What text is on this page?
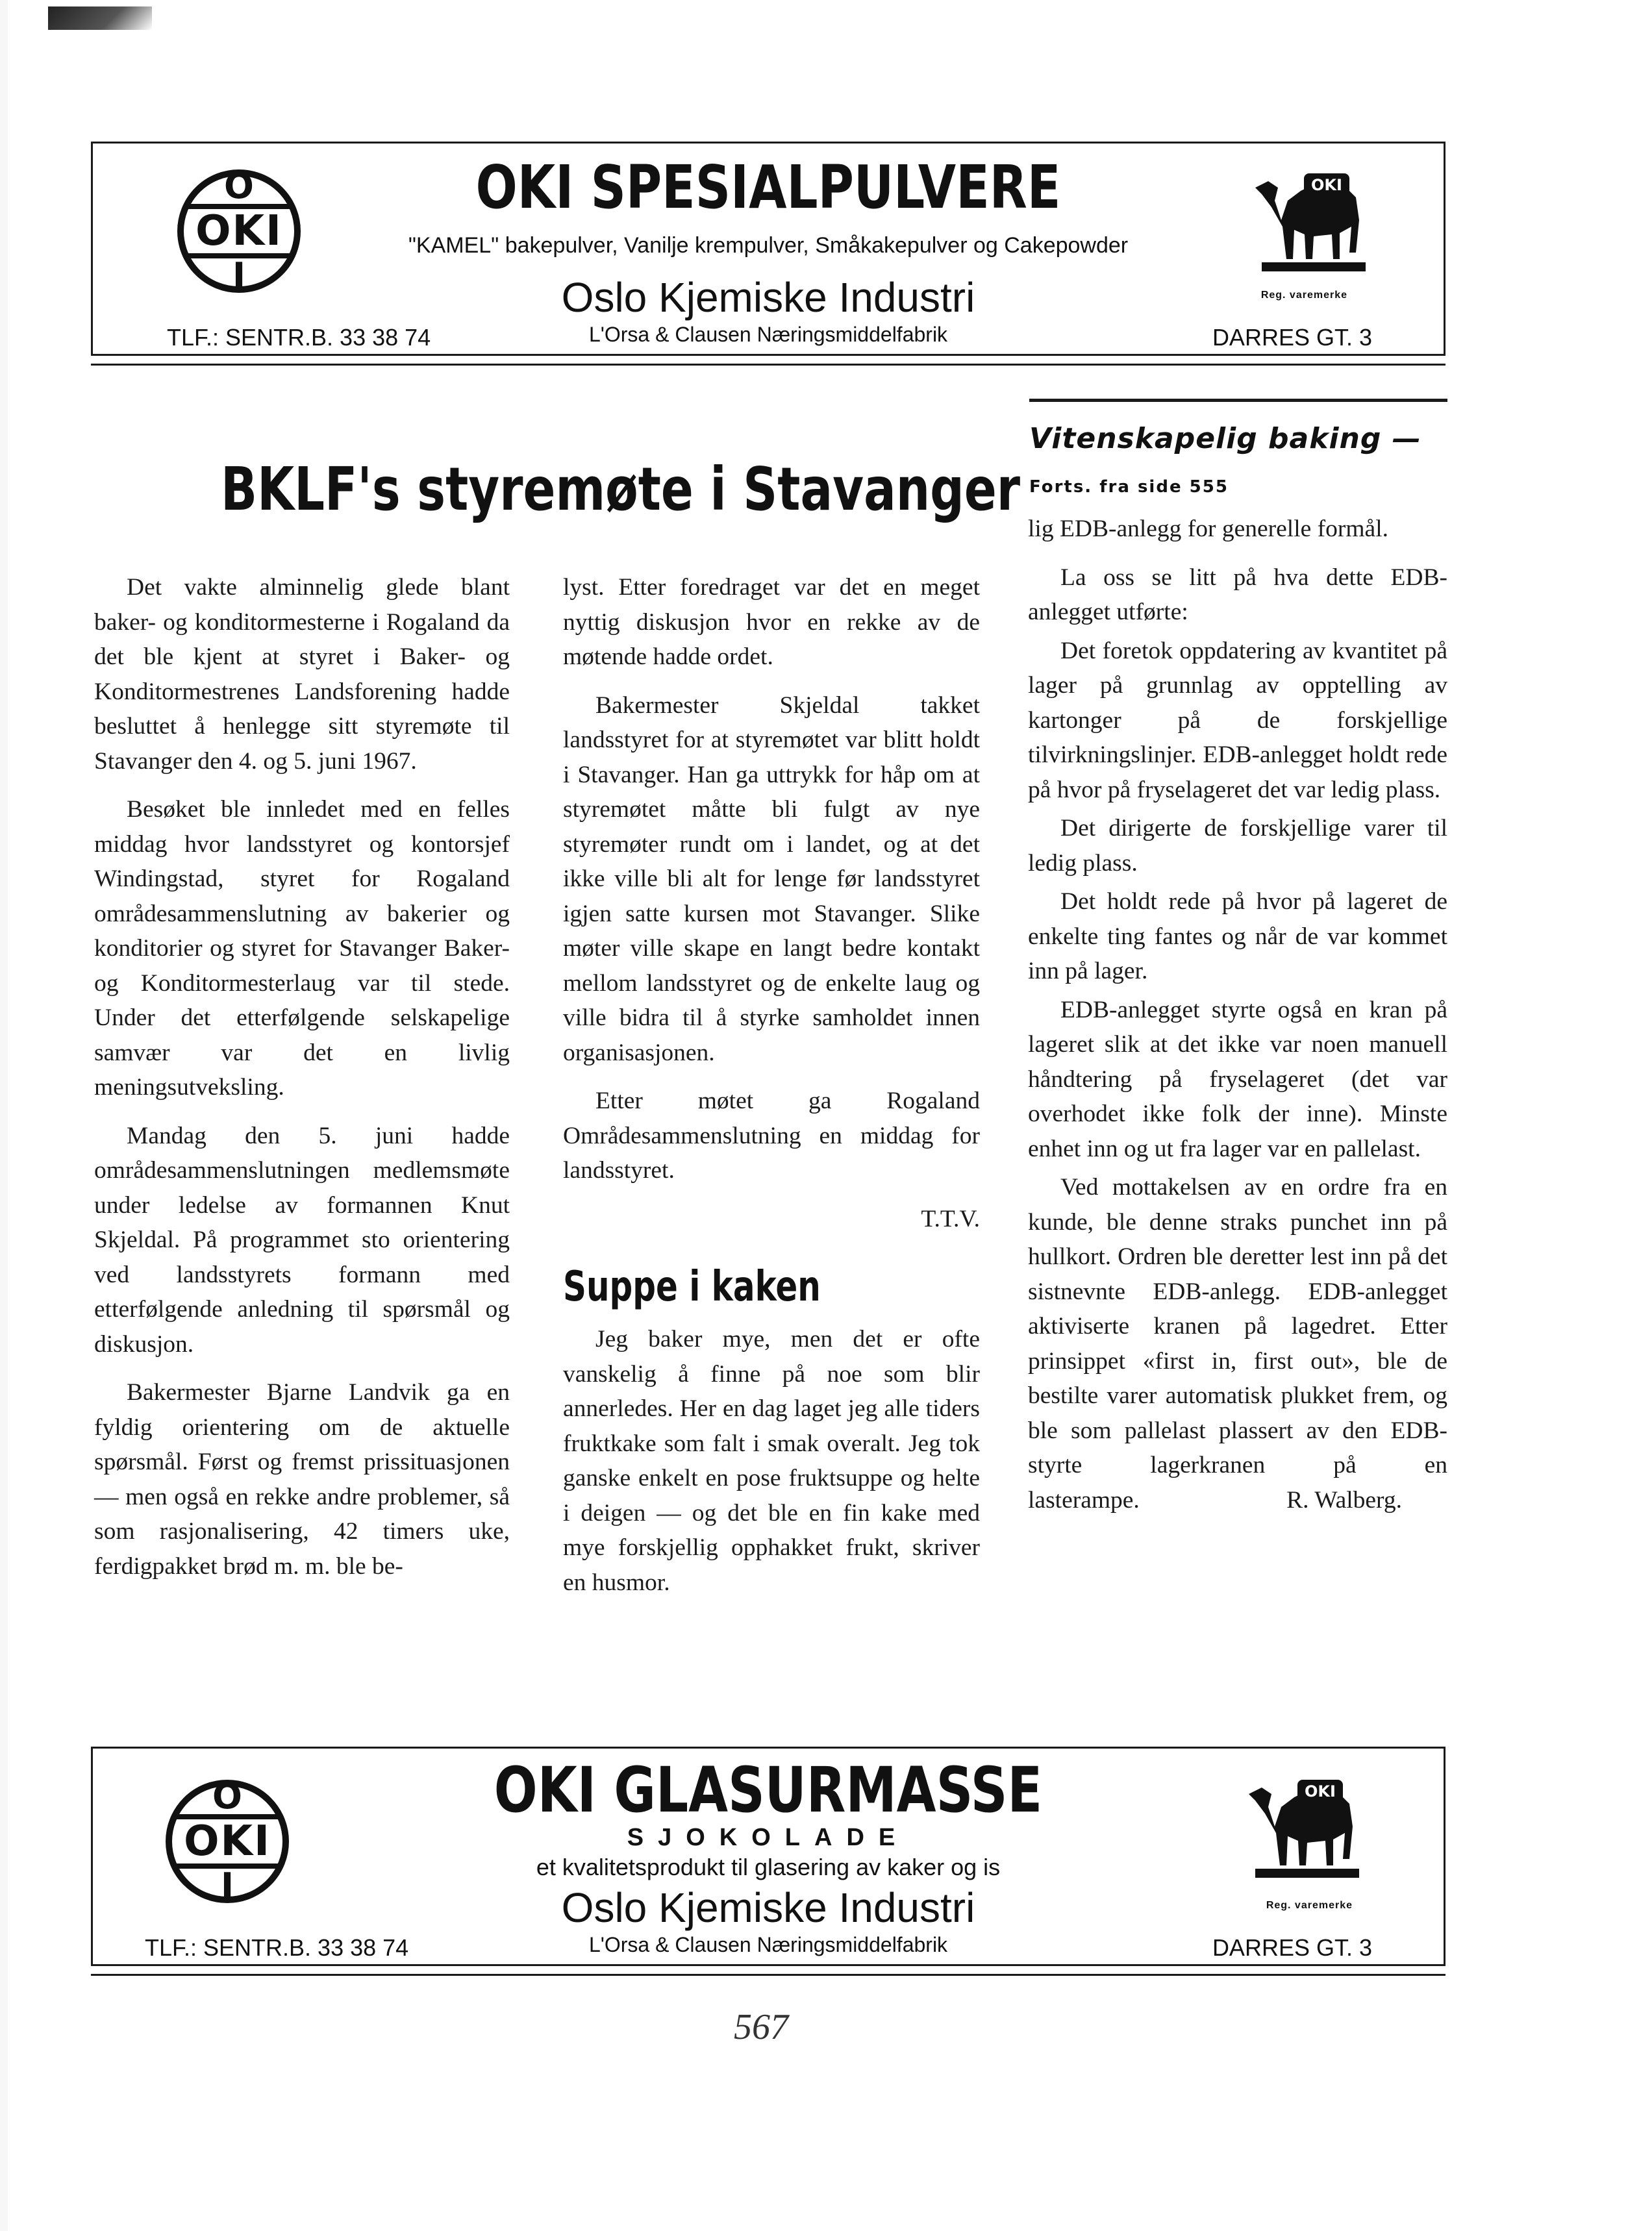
O
OKI
I
OKI SPESIALPULVERE
"KAMEL" bakepulver, Vanilje krempulver, Småkakepulver og Cakepowder
Oslo Kjemiske Industri
L'Orsa & Clausen Næringsmiddelfabrik
TLF.: SENTR.B. 33 38 74	DARRES GT. 3
Reg. varemerke
OKI
BKLF's styremøte i Stavanger

Det vakte alminnelig glede blant baker- og konditormesterne i Rogaland da det ble kjent at styret i Baker- og Konditormestrenes Landsforening hadde besluttet å henlegge sitt styremøte til Stavanger den 4. og 5. juni 1967.

Besøket ble innledet med en felles middag hvor landsstyret og kontorsjef Windingstad, styret for Rogaland områdesammenslutning av bakerier og konditorier og styret for Stavanger Baker- og Konditormesterlaug var til stede. Under det etterfølgende selskapelige samvær var det en livlig meningsutveksling.

Mandag den 5. juni hadde områdesammenslutningen medlemsmøte under ledelse av formannen Knut Skjeldal. På programmet sto orientering ved landsstyrets formann med etterfølgende anledning til spørsmål og diskusjon.

Bakermester Bjarne Landvik ga en fyldig orientering om de aktuelle spørsmål. Først og fremst prissituasjonen — men også en rekke andre problemer, så som rasjonalisering, 42 timers uke, ferdigpakket brød m. m. ble be-

lyst. Etter foredraget var det en meget nyttig diskusjon hvor en rekke av de møtende hadde ordet.

Bakermester Skjeldal takket landsstyret for at styremøtet var blitt holdt i Stavanger. Han ga uttrykk for håp om at styremøtet måtte bli fulgt av nye styremøter rundt om i landet, og at det ikke ville bli alt for lenge før landsstyret igjen satte kursen mot Stavanger. Slike møter ville skape en langt bedre kontakt mellom landsstyret og de enkelte laug og ville bidra til å styrke samholdet innen organisasjonen.

Etter møtet ga Rogaland Områdesammenslutning en middag for landsstyret.

T.T.V.

Suppe i kaken

Jeg baker mye, men det er ofte vanskelig å finne på noe som blir annerledes. Her en dag laget jeg alle tiders fruktkake som falt i smak overalt. Jeg tok ganske enkelt en pose fruktsuppe og helte i deigen — og det ble en fin kake med mye forskjellig opphakket frukt, skriver en husmor.

Vitenskapelig baking —
Forts. fra side 555

lig EDB-anlegg for generelle formål.

La oss se litt på hva dette EDB-anlegget utførte:

Det foretok oppdatering av kvantitet på lager på grunnlag av opptelling av kartonger på de forskjellige tilvirkningslinjer. EDB-anlegget holdt rede på hvor på fryselageret det var ledig plass.

Det dirigerte de forskjellige varer til ledig plass.

Det holdt rede på hvor på lageret de enkelte ting fantes og når de var kommet inn på lager.

EDB-anlegget styrte også en kran på lageret slik at det ikke var noen manuell håndtering på fryselageret (det var overhodet ikke folk der inne). Minste enhet inn og ut fra lager var en pallelast.

Ved mottakelsen av en ordre fra en kunde, ble denne straks punchet inn på hullkort. Ordren ble deretter lest inn på det sistnevnte EDB-anlegg. EDB-anlegget aktiviserte kranen på lagedret. Etter prinsippet «first in, first out», ble de bestilte varer automatisk plukket frem, og ble som pallelast plassert av den EDB-styrte lagerkranen på en

lasterampe.	R. Walberg.
O
OKI
I
OKI GLASURMASSE
SJOKOLADE
et kvalitetsprodukt til glasering av kaker og is
Oslo Kjemiske Industri
L'Orsa & Clausen Næringsmiddelfabrik
TLF.: SENTR.B. 33 38 74	DARRES GT. 3
Reg. varemerke
OKI
567
